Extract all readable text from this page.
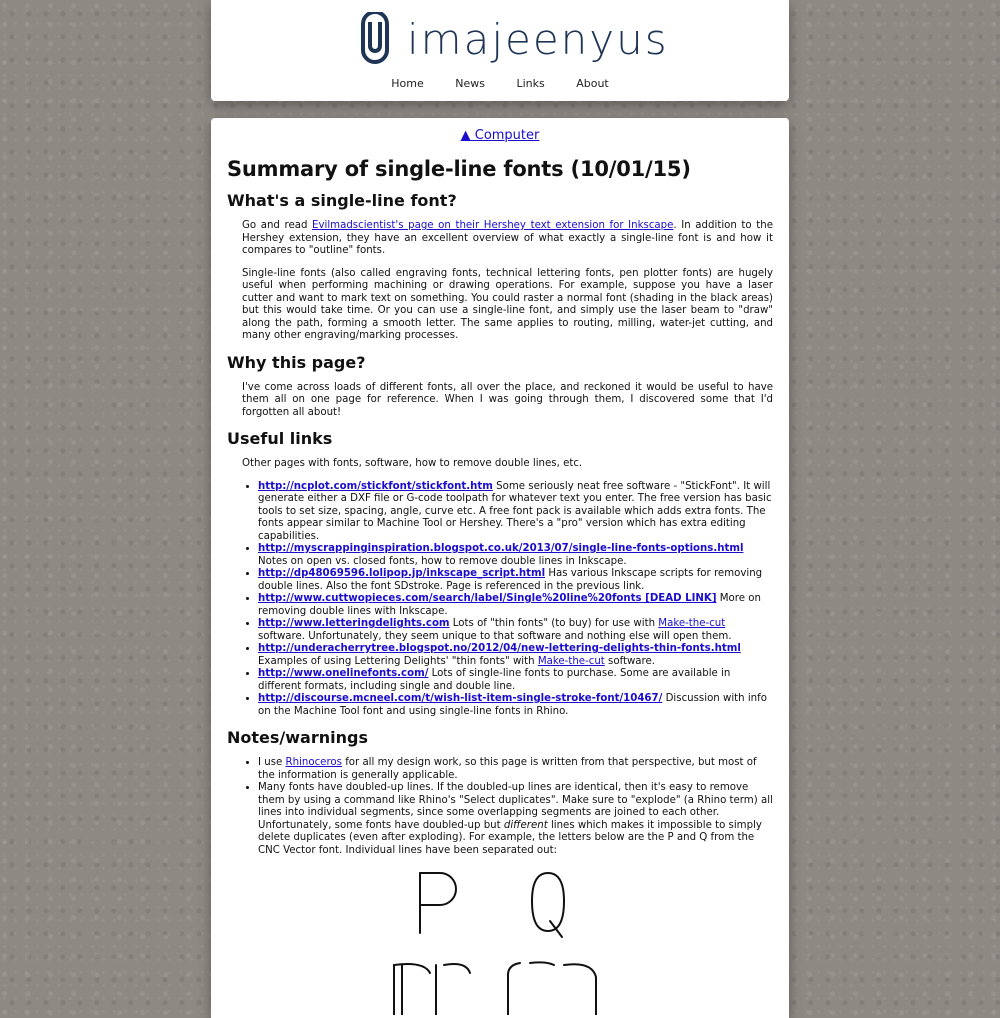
imajeenyus
Home	News	Links	About
▲ Computer
Summary of single-line fonts (10/01/15)
What's a single-line font?

Go and read Evilmadscientist's page on their Hershey text extension for Inkscape. In addition to the Hershey extension, they have an excellent overview of what exactly a single-line font is and how it compares to "outline" fonts.

Single-line fonts (also called engraving fonts, technical lettering fonts, pen plotter fonts) are hugely useful when performing machining or drawing operations. For example, suppose you have a laser cutter and want to mark text on something. You could raster a normal font (shading in the black areas) but this would take time. Or you can use a single-line font, and simply use the laser beam to "draw" along the path, forming a smooth letter. The same applies to routing, milling, water-jet cutting, and many other engraving/marking processes.

Why this page?

I've come across loads of different fonts, all over the place, and reckoned it would be useful to have them all on one page for reference. When I was going through them, I discovered some that I'd forgotten all about!

Useful links

Other pages with fonts, software, how to remove double lines, etc.

• http://ncplot.com/stickfont/stickfont.htm Some seriously neat free software - "StickFont". It will generate either a DXF file or G-code toolpath for whatever text you enter. The free version has basic tools to set size, spacing, angle, curve etc. A free font pack is available which adds extra fonts. The fonts appear similar to Machine Tool or Hershey. There's a "pro" version which has extra editing capabilities.
• http://myscrappinginspiration.blogspot.co.uk/2013/07/single-line-fonts-options.html Notes on open vs. closed fonts, how to remove double lines in Inkscape.
• http://dp48069596.lolipop.jp/inkscape_script.html Has various Inkscape scripts for removing double lines. Also the font SDstroke. Page is referenced in the previous link.
• http://www.cuttwopieces.com/search/label/Single%20line%20fonts [DEAD LINK] More on removing double lines with Inkscape.
• http://www.letteringdelights.com Lots of "thin fonts" (to buy) for use with Make-the-cut software. Unfortunately, they seem unique to that software and nothing else will open them.
• http://underacherrytree.blogspot.no/2012/04/new-lettering-delights-thin-fonts.html Examples of using Lettering Delights' "thin fonts" with Make-the-cut software.
• http://www.onelinefonts.com/ Lots of single-line fonts to purchase. Some are available in different formats, including single and double line.
• http://discourse.mcneel.com/t/wish-list-item-single-stroke-font/10467/ Discussion with info on the Machine Tool font and using single-line fonts in Rhino.
Notes/warnings
• I use Rhinoceros for all my design work, so this page is written from that perspective, but most of the information is generally applicable.
• Many fonts have doubled-up lines. If the doubled-up lines are identical, then it's easy to remove them by using a command like Rhino's "Select duplicates". Make sure to "explode" (a Rhino term) all lines into individual segments, since some overlapping segments are joined to each other. Unfortunately, some fonts have doubled-up but different lines which makes it impossible to simply delete duplicates (even after exploding). For example, the letters below are the P and Q from the CNC Vector font. Individual lines have been separated out:
